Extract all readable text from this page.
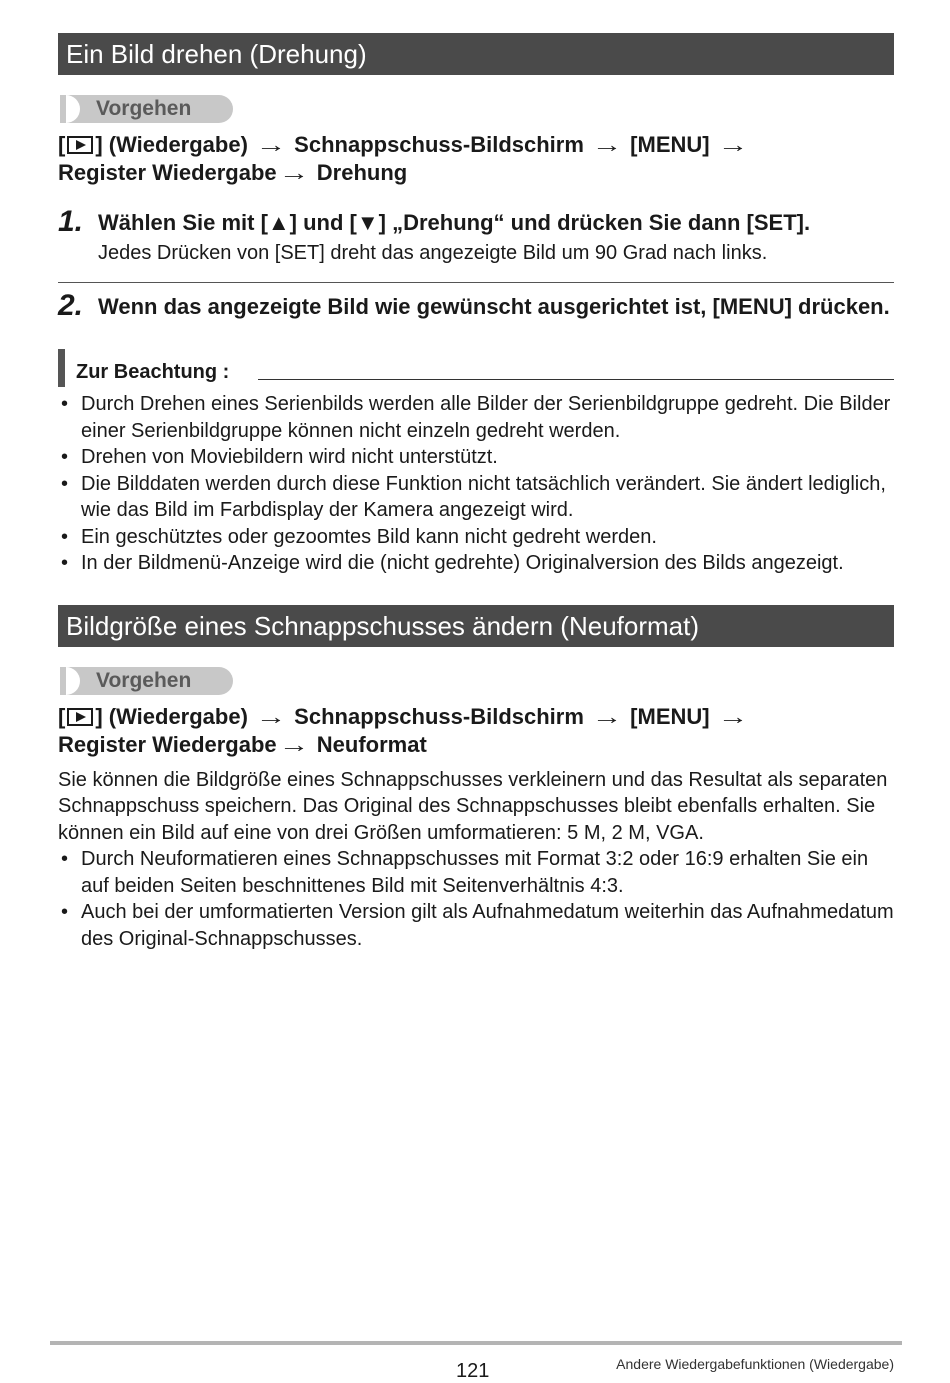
Ein Bild drehen (Drehung)
Vorgehen
[ ] (Wiedergabe) → Schnappschuss-Bildschirm → [MENU] →
Register Wiedergabe→ Drehung
1. Wählen Sie mit [▲] und [▼] „Drehung“ und drücken Sie dann [SET].
Jedes Drücken von [SET] dreht das angezeigte Bild um 90 Grad nach links.
2. Wenn das angezeigte Bild wie gewünscht ausgerichtet ist, [MENU] drücken.
Zur Beachtung :
• Durch Drehen eines Serienbilds werden alle Bilder der Serienbildgruppe gedreht. Die Bilder einer Serienbildgruppe können nicht einzeln gedreht werden.
• Drehen von Moviebildern wird nicht unterstützt.
• Die Bilddaten werden durch diese Funktion nicht tatsächlich verändert. Sie ändert lediglich, wie das Bild im Farbdisplay der Kamera angezeigt wird.
• Ein geschütztes oder gezoomtes Bild kann nicht gedreht werden.
• In der Bildmenü-Anzeige wird die (nicht gedrehte) Originalversion des Bilds angezeigt.
Bildgröße eines Schnappschusses ändern (Neuformat)
Vorgehen
[ ] (Wiedergabe) → Schnappschuss-Bildschirm → [MENU] →
Register Wiedergabe→ Neuformat
Sie können die Bildgröße eines Schnappschusses verkleinern und das Resultat als separaten Schnappschuss speichern. Das Original des Schnappschusses bleibt ebenfalls erhalten. Sie können ein Bild auf eine von drei Größen umformatieren: 5 M, 2 M, VGA.
• Durch Neuformatieren eines Schnappschusses mit Format 3:2 oder 16:9 erhalten Sie ein auf beiden Seiten beschnittenes Bild mit Seitenverhältnis 4:3.
• Auch bei der umformatierten Version gilt als Aufnahmedatum weiterhin das Aufnahmedatum des Original-Schnappschusses.
121	Andere Wiedergabefunktionen (Wiedergabe)
